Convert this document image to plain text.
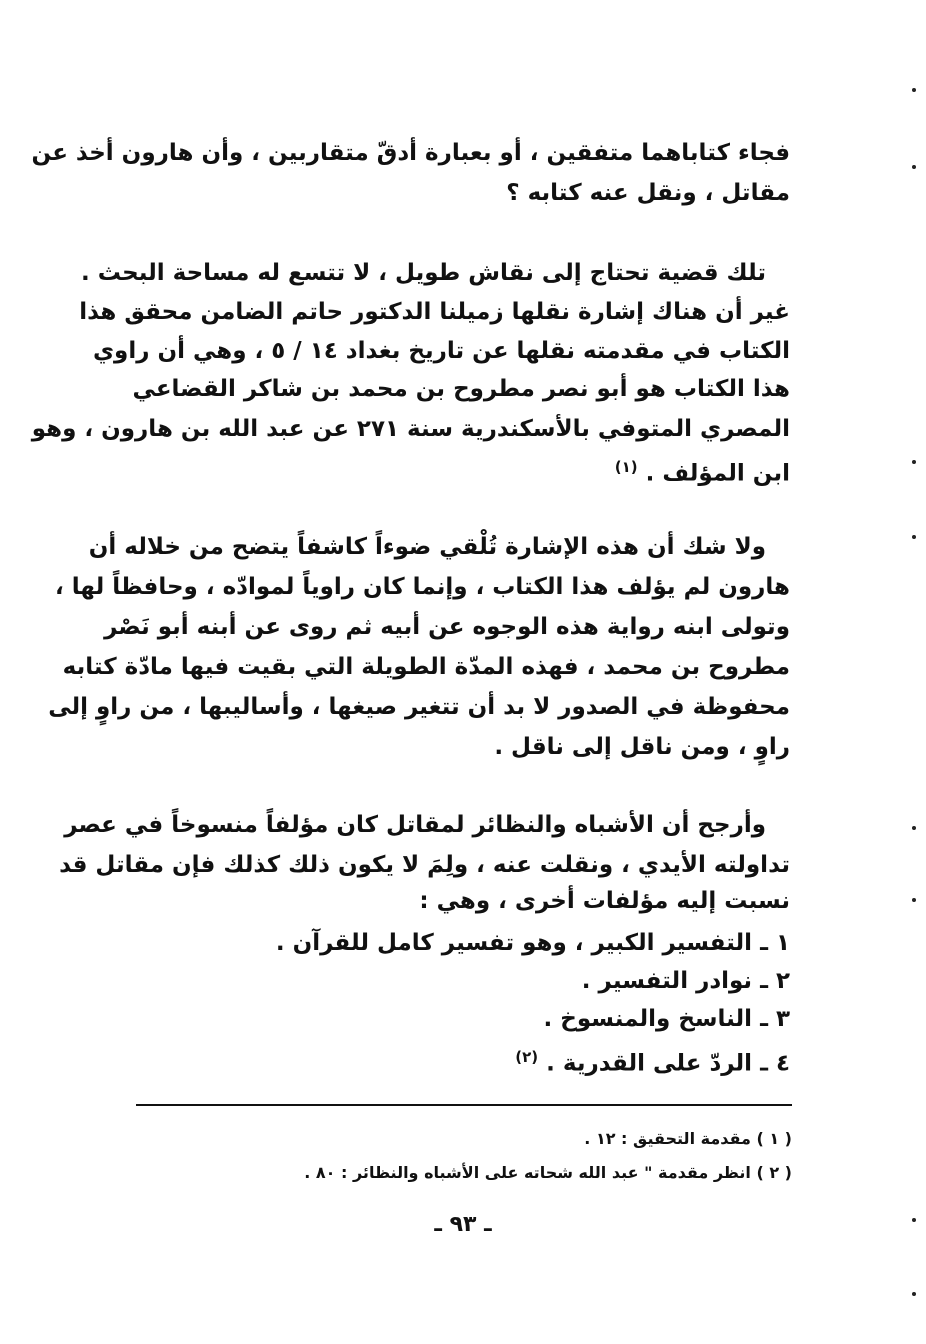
فجاء كتاباهما متفقين ، أو بعبارة أدقّ متقاربين ، وأن هارون أخذ عن
مقاتل ، ونقل عنه كتابه ؟
تلك قضية تحتاج إلى نقاش طويل ، لا تتسع له مساحة البحث .
غير أن هناك إشارة نقلها زميلنا الدكتور حاتم الضامن محقق هذا
الكتاب في مقدمته نقلها عن تاريخ بغداد ١٤ / ٥ ، وهي أن راوي
هذا الكتاب هو أبو نصر مطروح بن محمد بن شاكر القضاعي
المصري المتوفي بالأسكندرية سنة ٢٧١ عن عبد الله بن هارون ، وهو
ابن المؤلف . $^{(١)}$
ولا شك أن هذه الإشارة تُلْقي ضوءاً كاشفاً يتضح من خلاله أن
هارون لم يؤلف هذا الكتاب ، وإنما كان راوياً لموادّه ، وحافظاً لها ،
وتولى ابنه رواية هذه الوجوه عن أبيه ثم روى عن أبنه أبو نَصْر
مطروح بن محمد ، فهذه المدّة الطويلة التي بقيت فيها مادّة كتابه
محفوظة في الصدور لا بد أن تتغير صيغها ، وأساليبها ، من راوٍ إلى
راوٍ ، ومن ناقل إلى ناقل .
وأرجح أن الأشباه والنظائر لمقاتل كان مؤلفاً منسوخاً في عصر
تداولته الأيدي ، ونقلت عنه ، ولِمَ لا يكون ذلك كذلك فإن مقاتل قد
نسبت إليه مؤلفات أخرى ، وهي :
١ ـ التفسير الكبير ، وهو تفسير كامل للقرآن .
٢ ـ نوادر التفسير .
٣ ـ الناسخ والمنسوخ .
٤ ـ الردّ على القدرية . $^{(٢)}$
( ١ ) مقدمة التحقيق : ١٢ .
( ٢ ) انظر مقدمة " عبد الله شحاته على الأشباه والنظائر : ٨٠ .
ـ ٩٣ ـ
